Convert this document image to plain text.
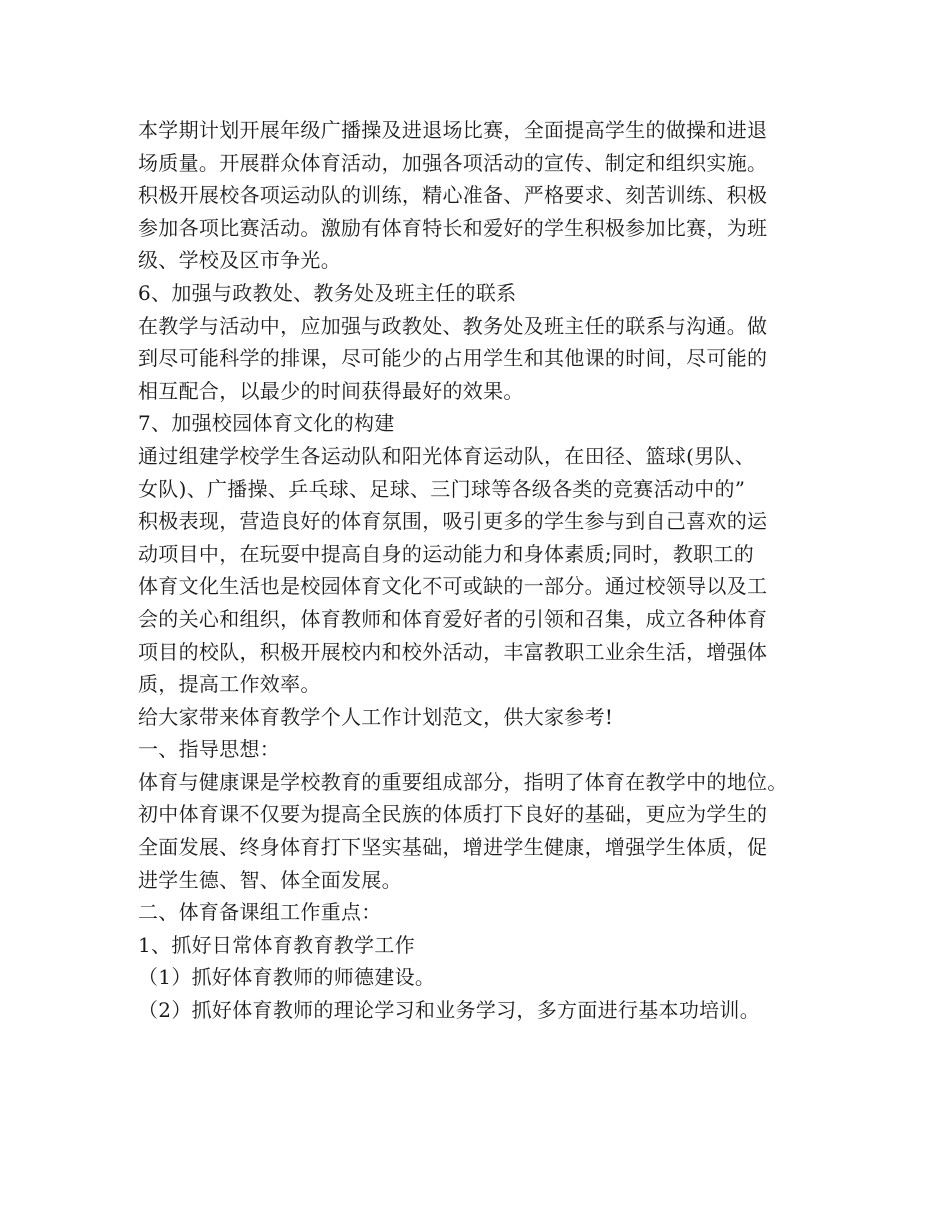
本学期计划开展年级广播操及进退场比赛，全面提高学生的做操和进退
场质量。开展群众体育活动，加强各项活动的宣传、制定和组织实施。
积极开展校各项运动队的训练，精心准备、严格要求、刻苦训练、积极
参加各项比赛活动。激励有体育特长和爱好的学生积极参加比赛，为班
级、学校及区市争光。
6、加强与政教处、教务处及班主任的联系
在教学与活动中，应加强与政教处、教务处及班主任的联系与沟通。做
到尽可能科学的排课，尽可能少的占用学生和其他课的时间，尽可能的
相互配合，以最少的时间获得最好的效果。
7、加强校园体育文化的构建
通过组建学校学生各运动队和阳光体育运动队，在田径、篮球(男队、
女队)、广播操、乒乓球、足球、三门球等各级各类的竞赛活动中的”
积极表现，营造良好的体育氛围，吸引更多的学生参与到自己喜欢的运
动项目中，在玩耍中提高自身的运动能力和身体素质;同时，教职工的
体育文化生活也是校园体育文化不可或缺的一部分。通过校领导以及工
会的关心和组织，体育教师和体育爱好者的引领和召集，成立各种体育
项目的校队，积极开展校内和校外活动，丰富教职工业余生活，增强体
质，提高工作效率。
给大家带来体育教学个人工作计划范文，供大家参考!
一、指导思想：
体育与健康课是学校教育的重要组成部分，指明了体育在教学中的地位。
初中体育课不仅要为提高全民族的体质打下良好的基础，更应为学生的
全面发展、终身体育打下坚实基础，增进学生健康，增强学生体质，促
进学生德、智、体全面发展。
二、体育备课组工作重点：
1、抓好日常体育教育教学工作
（1）抓好体育教师的师德建设。
（2）抓好体育教师的理论学习和业务学习，多方面进行基本功培训。
